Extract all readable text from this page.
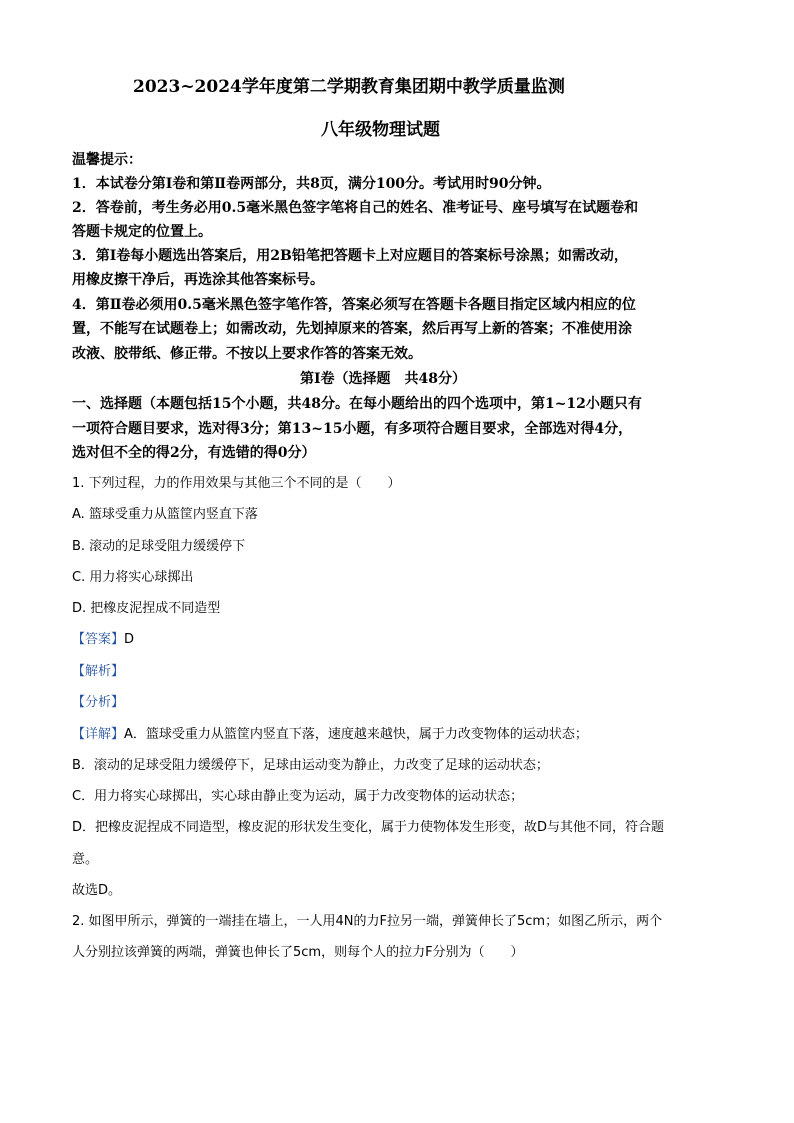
2023~2024学年度第二学期教育集团期中教学质量监测
八年级物理试题
温馨提示：
1．本试卷分第Ⅰ卷和第Ⅱ卷两部分，共8页，满分100分。考试用时90分钟。
2．答卷前，考生务必用0.5毫米黑色签字笔将自己的姓名、准考证号、座号填写在试题卷和
答题卡规定的位置上。
3．第Ⅰ卷每小题选出答案后，用2B铅笔把答题卡上对应题目的答案标号涂黑；如需改动，
用橡皮擦干净后，再选涂其他答案标号。
4．第Ⅱ卷必须用0.5毫米黑色签字笔作答，答案必须写在答题卡各题目指定区域内相应的位
置，不能写在试题卷上；如需改动，先划掉原来的答案，然后再写上新的答案；不准使用涂
改液、胶带纸、修正带。不按以上要求作答的答案无效。
第Ⅰ卷（选择题　共48分）
一、选择题（本题包括15个小题，共48分。在每小题给出的四个选项中，第1~12小题只有
一项符合题目要求，选对得3分；第13~15小题，有多项符合题目要求，全部选对得4分，
选对但不全的得2分，有选错的得0分）
1. 下列过程，力的作用效果与其他三个不同的是（　　）
A. 篮球受重力从篮筐内竖直下落
B. 滚动的足球受阻力缓缓停下
C. 用力将实心球掷出
D. 把橡皮泥捏成不同造型
【答案】D
【解析】
【分析】
【详解】A．篮球受重力从篮筐内竖直下落，速度越来越快，属于力改变物体的运动状态；
B．滚动的足球受阻力缓缓停下，足球由运动变为静止，力改变了足球的运动状态；
C．用力将实心球掷出，实心球由静止变为运动，属于力改变物体的运动状态；
D．把橡皮泥捏成不同造型，橡皮泥的形状发生变化，属于力使物体发生形变，故D与其他不同，符合题
意。
故选D。
2. 如图甲所示，弹簧的一端挂在墙上，一人用4N的力F拉另一端，弹簧伸长了5cm；如图乙所示，两个
人分别拉该弹簧的两端，弹簧也伸长了5cm，则每个人的拉力F分别为（　　）
